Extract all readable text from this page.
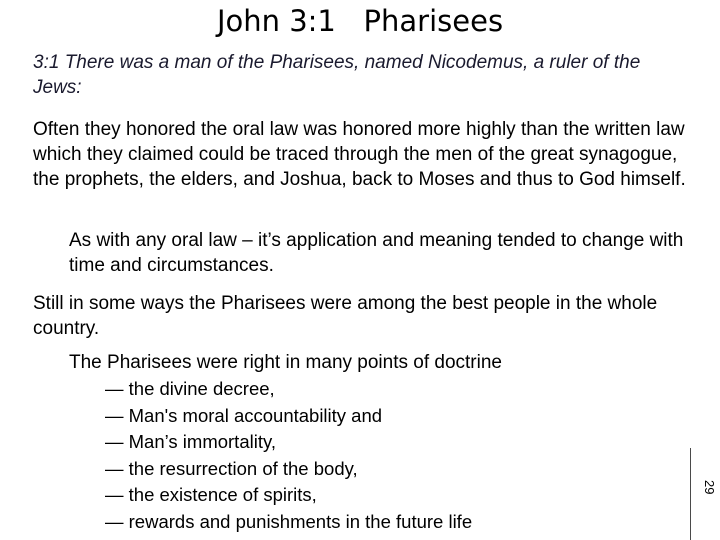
John 3:1   Pharisees

3:1 There was a man of the Pharisees, named Nicodemus, a ruler of the Jews:

Often they honored the oral law was honored more highly than the written law which they claimed could be traced through the men of the great synagogue, the prophets, the elders, and Joshua, back to Moses and thus to God himself.

As with any oral law – it’s application and meaning tended to change with time and circumstances.

Still in some ways the Pharisees were among the best people in the whole country.

The Pharisees were right in many points of doctrine

— the divine decree,
— Man's moral accountability and
— Man’s immortality,
— the resurrection of the body,
— the existence of spirits,
— rewards and punishments in the future life
29
